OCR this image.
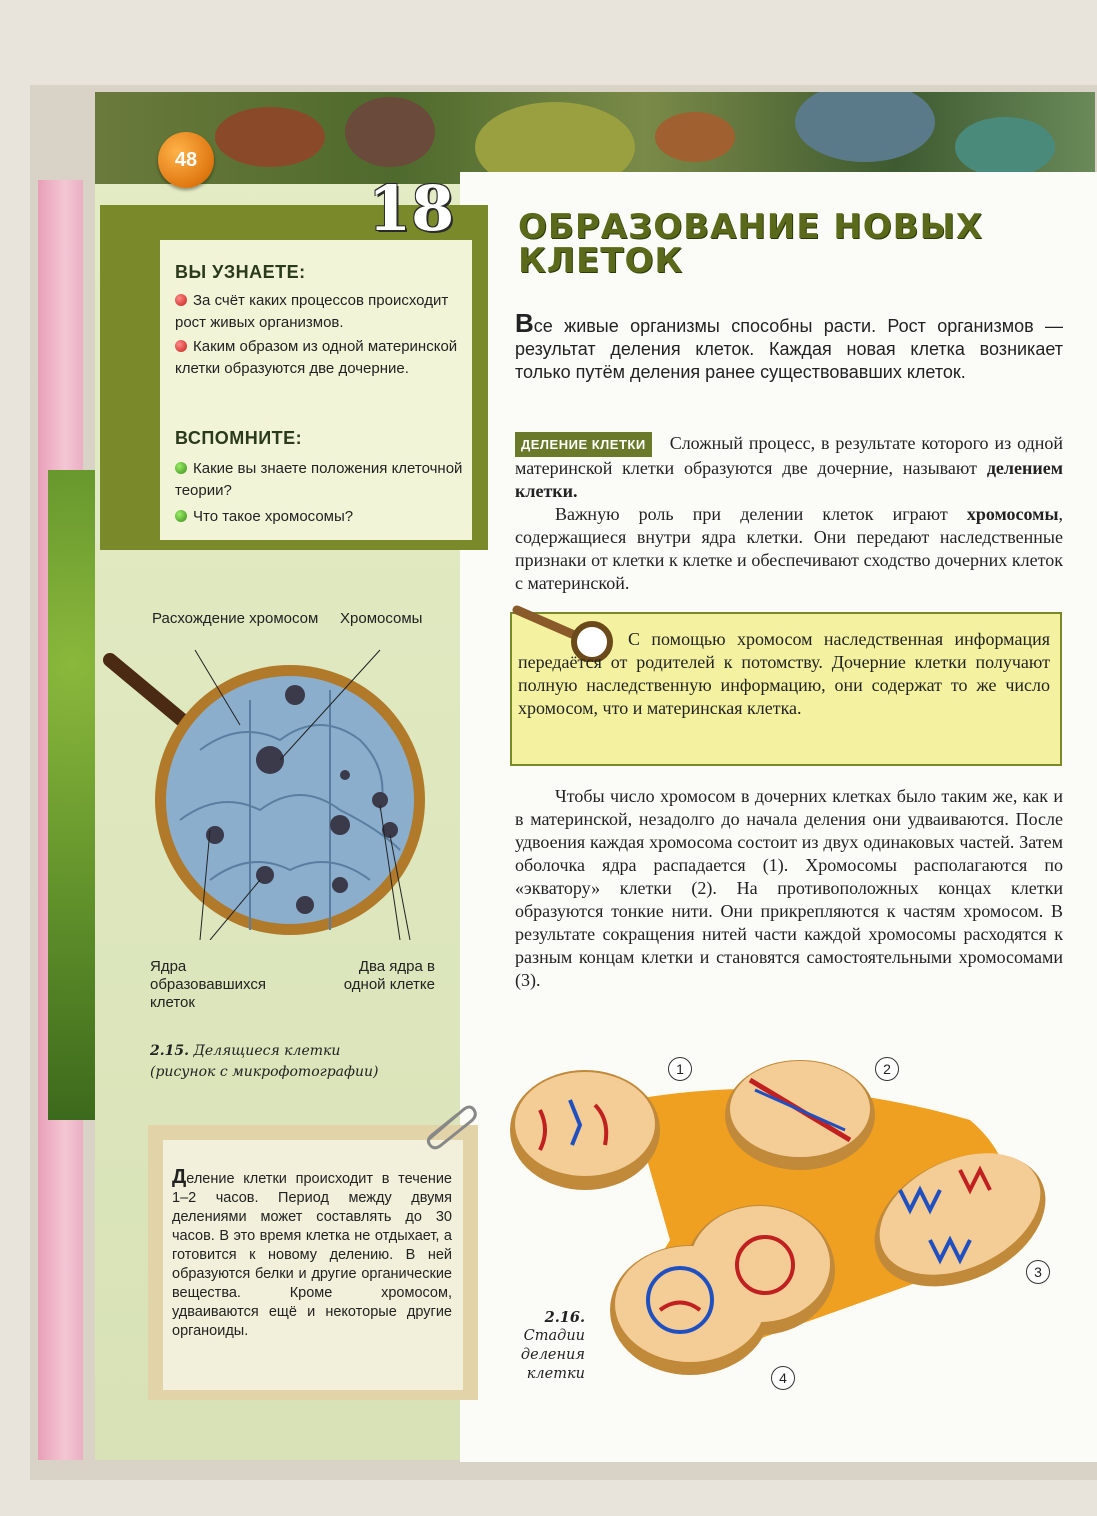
48
18
ВЫ УЗНАЕТЕ:
За счёт каких процессов происходит рост живых организмов.
Каким образом из одной материнской клетки образуются две дочерние.
ВСПОМНИТЕ:
Какие вы знаете положения клеточной теории?
Что такое хромосомы?
ОБРАЗОВАНИЕ НОВЫХ
КЛЕТОК
Все живые организмы способны расти. Рост организмов — результат деления клеток. Каждая новая клетка возникает только путём деления ранее существовавших клеток.
ДЕЛЕНИЕ КЛЕТКИ Сложный процесс, в результате которого из одной материнской клетки образуются две дочерние, называют делением клетки.
Важную роль при делении клеток играют хромосомы, содержащиеся внутри ядра клетки. Они передают наследственные признаки от клетки к клетке и обеспечивают сходство дочерних клеток с материнской.
С помощью хромосом наследственная информация передаётся от родителей к потомству. Дочерние клетки получают полную наследственную информацию, они содержат то же число хромосом, что и материнская клетка.
Чтобы число хромосом в дочерних клетках было таким же, как и в материнской, незадолго до начала деления они удваиваются. После удвоения каждая хромосома состоит из двух одинаковых частей. Затем оболочка ядра распадается (1). Хромосомы располагаются по «экватору» клетки (2). На противоположных концах клетки образуются тонкие нити. Они прикрепляются к частям хромосом. В результате сокращения нитей части каждой хромосомы расходятся к разным концам клетки и становятся самостоятельными хромосомами (3).
Расхождение хромосом Хромосомы
Ядра образовавшихся клеток
Два ядра в одной клетке
2.15. Делящиеся клетки
(рисунок с микрофотографии)
Деление клетки происходит в течение 1–2 часов. Период между двумя делениями может составлять до 30 часов. В это время клетка не отдыхает, а готовится к новому делению. В ней образуются белки и другие органические вещества. Кроме хромосом, удваиваются ещё и некоторые другие органоиды.
1	2
3
4
2.16.
Стадии
деления
клетки
